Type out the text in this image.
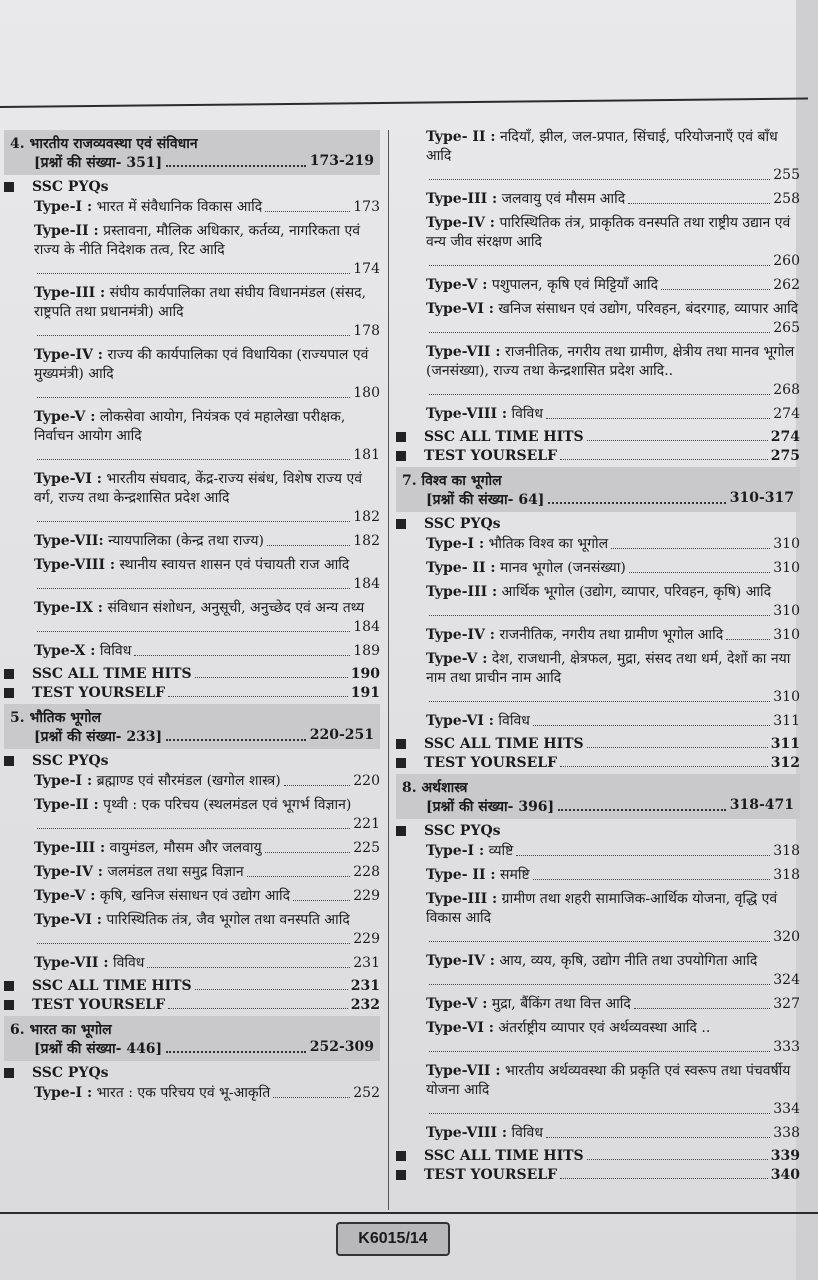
4. भारतीय राजव्यवस्था एवं संविधान
[प्रश्नों की संख्या- 351]	173-219
SSC PYQs
Type-I : भारत में संवैधानिक विकास आदि	173
Type-II : प्रस्तावना, मौलिक अधिकार, कर्तव्य, नागरिकता एवं राज्य के नीति निदेशक तत्व, रिट आदि
174
Type-III : संघीय कार्यपालिका तथा संघीय विधानमंडल (संसद, राष्ट्रपति तथा प्रधानमंत्री) आदि
178
Type-IV : राज्य की कार्यपालिका एवं विधायिका (राज्यपाल एवं मुख्यमंत्री) आदि
180
Type-V : लोकसेवा आयोग, नियंत्रक एवं महालेखा परीक्षक, निर्वाचन आयोग आदि
181
Type-VI : भारतीय संघवाद, केंद्र-राज्य संबंध, विशेष राज्य एवं वर्ग, राज्य तथा केन्द्रशासित प्रदेश आदि
182
Type-VII: न्यायपालिका (केन्द्र तथा राज्य)	182
Type-VIII : स्थानीय स्वायत्त शासन एवं पंचायती राज आदि
184
Type-IX : संविधान संशोधन, अनुसूची, अनुच्छेद एवं अन्य तथ्य
184
Type-X : विविध	189
SSC ALL TIME HITS	190
TEST YOURSELF	191
5. भौतिक भूगोल
[प्रश्नों की संख्या- 233]	220-251
SSC PYQs
Type-I : ब्रह्माण्ड एवं सौरमंडल (खगोल शास्त्र)	220
Type-II : पृथ्वी : एक परिचय (स्थलमंडल एवं भूगर्भ विज्ञान)
221
Type-III : वायुमंडल, मौसम और जलवायु	225
Type-IV : जलमंडल तथा समुद्र विज्ञान	228
Type-V : कृषि, खनिज संसाधन एवं उद्योग आदि	229
Type-VI : पारिस्थितिक तंत्र, जैव भूगोल तथा वनस्पति आदि
229
Type-VII : विविध	231
SSC ALL TIME HITS	231
TEST YOURSELF	232
6. भारत का भूगोल
[प्रश्नों की संख्या- 446]	252-309
SSC PYQs
Type-I : भारत : एक परिचय एवं भू-आकृति	252
Type- II : नदियाँ, झील, जल-प्रपात, सिंचाई, परियोजनाएँ एवं बाँध आदि
255
Type-III : जलवायु एवं मौसम आदि	258
Type-IV : पारिस्थितिक तंत्र, प्राकृतिक वनस्पति तथा राष्ट्रीय उद्यान एवं वन्य जीव संरक्षण आदि
260
Type-V : पशुपालन, कृषि एवं मिट्टियाँ आदि	262
Type-VI : खनिज संसाधन एवं उद्योग, परिवहन, बंदरगाह, व्यापार आदि
265
Type-VII : राजनीतिक, नगरीय तथा ग्रामीण, क्षेत्रीय तथा मानव भूगोल (जनसंख्या), राज्य तथा केन्द्रशासित प्रदेश आदि..
268
Type-VIII : विविध	274
SSC ALL TIME HITS	274
TEST YOURSELF	275
7. विश्व का भूगोल
[प्रश्नों की संख्या- 64]	310-317
SSC PYQs
Type-I : भौतिक विश्व का भूगोल	310
Type- II : मानव भूगोल (जनसंख्या)	310
Type-III : आर्थिक भूगोल (उद्योग, व्यापार, परिवहन, कृषि) आदि
310
Type-IV : राजनीतिक, नगरीय तथा ग्रामीण भूगोल आदि	310
Type-V : देश, राजधानी, क्षेत्रफल, मुद्रा, संसद तथा धर्म, देशों का नया नाम तथा प्राचीन नाम आदि
310
Type-VI : विविध	311
SSC ALL TIME HITS	311
TEST YOURSELF	312
8. अर्थशास्त्र
[प्रश्नों की संख्या- 396]	318-471
SSC PYQs
Type-I : व्यष्टि	318
Type- II : समष्टि	318
Type-III : ग्रामीण तथा शहरी सामाजिक-आर्थिक योजना, वृद्धि एवं विकास आदि
320
Type-IV : आय, व्यय, कृषि, उद्योग नीति तथा उपयोगिता आदि
324
Type-V : मुद्रा, बैंकिंग तथा वित्त आदि	327
Type-VI : अंतर्राष्ट्रीय व्यापार एवं अर्थव्यवस्था आदि ..
333
Type-VII : भारतीय अर्थव्यवस्था की प्रकृति एवं स्वरूप तथा पंचवर्षीय योजना आदि
334
Type-VIII : विविध	338
SSC ALL TIME HITS	339
TEST YOURSELF	340
K6015/14
